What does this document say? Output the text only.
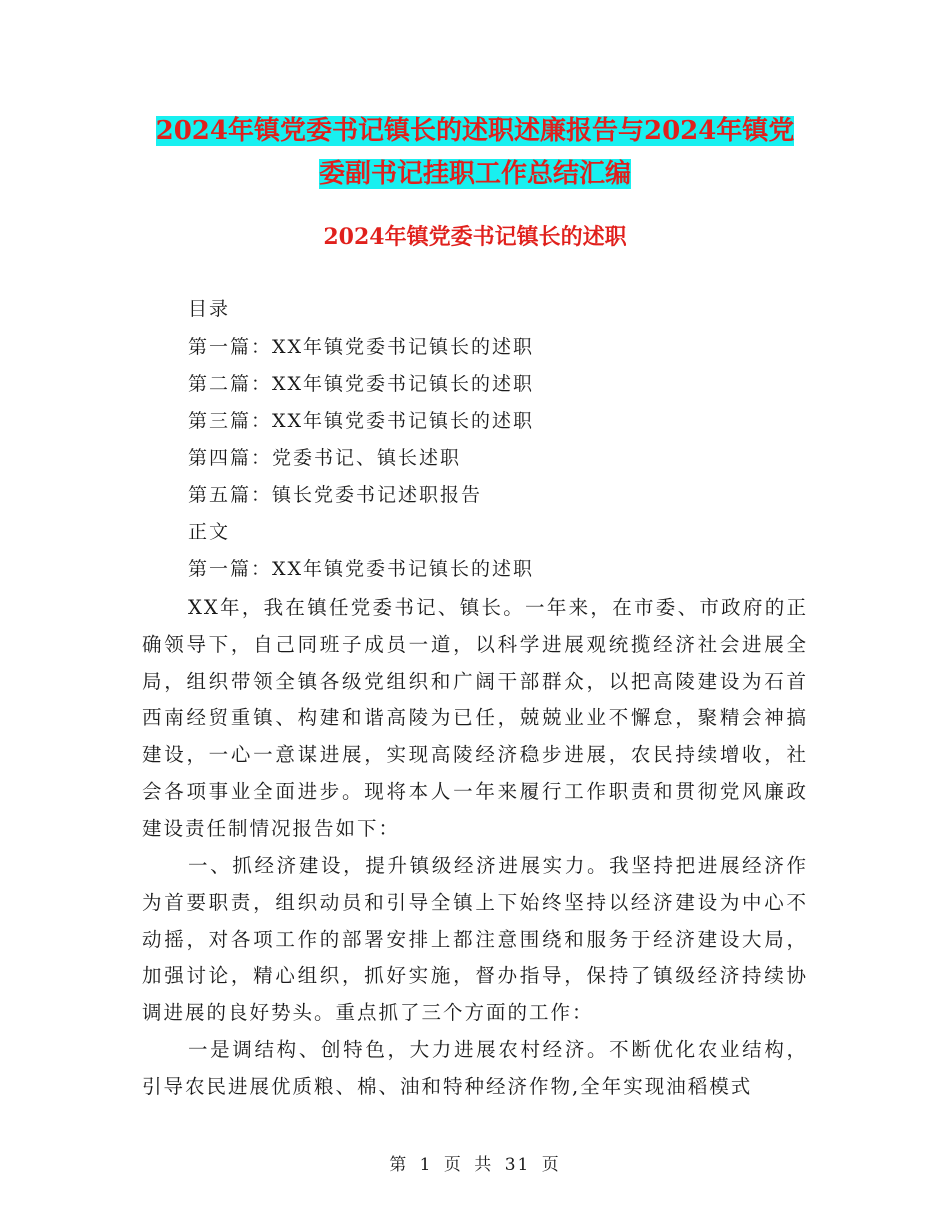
2024年镇党委书记镇长的述职述廉报告与2024年镇党
委副书记挂职工作总结汇编
2024年镇党委书记镇长的述职

目录

第一篇：XX年镇党委书记镇长的述职

第二篇：XX年镇党委书记镇长的述职

第三篇：XX年镇党委书记镇长的述职

第四篇：党委书记、镇长述职

第五篇：镇长党委书记述职报告

正文

第一篇：XX年镇党委书记镇长的述职

XX年，我在镇任党委书记、镇长。一年来，在市委、市政府的正确领导下，自己同班子成员一道，以科学进展观统揽经济社会进展全局，组织带领全镇各级党组织和广阔干部群众，以把高陵建设为石首西南经贸重镇、构建和谐高陵为已任，兢兢业业不懈怠，聚精会神搞建设，一心一意谋进展，实现高陵经济稳步进展，农民持续增收，社会各项事业全面进步。现将本人一年来履行工作职责和贯彻党风廉政建设责任制情况报告如下：

一、抓经济建设，提升镇级经济进展实力。我坚持把进展经济作为首要职责，组织动员和引导全镇上下始终坚持以经济建设为中心不动摇，对各项工作的部署安排上都注意围绕和服务于经济建设大局，加强讨论，精心组织，抓好实施，督办指导，保持了镇级经济持续协调进展的良好势头。重点抓了三个方面的工作：

一是调结构、创特色，大力进展农村经济。不断优化农业结构，引导农民进展优质粮、棉、油和特种经济作物,全年实现油稻模式

第 1 页 共 31 页
